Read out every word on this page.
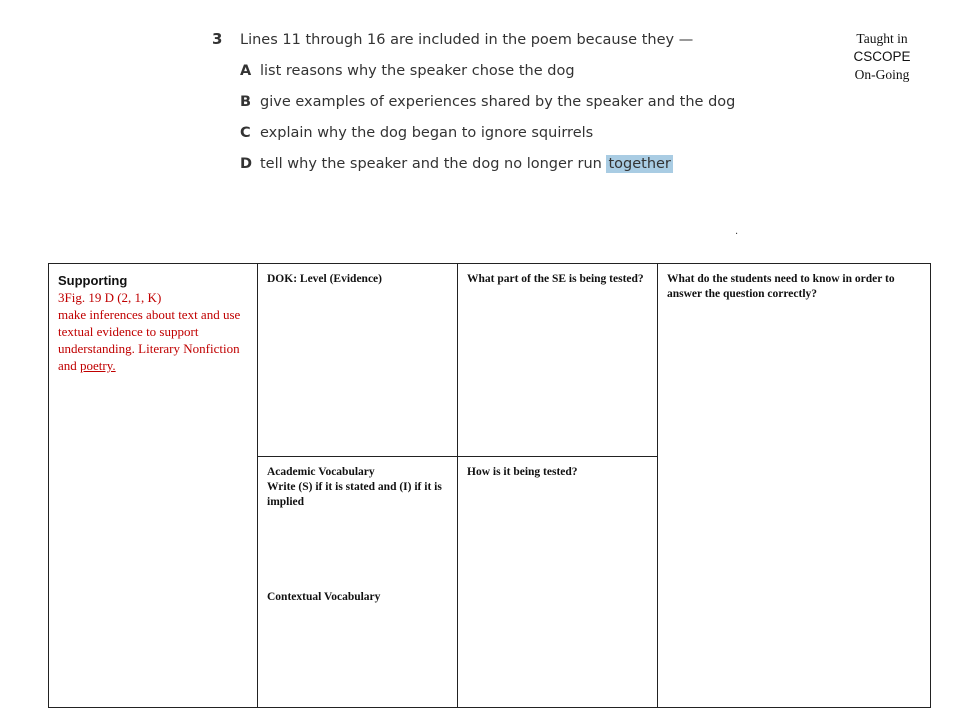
3	Lines 11 through 16 are included in the poem because they —
A list reasons why the speaker chose the dog
B give examples of experiences shared by the speaker and the dog
C explain why the dog began to ignore squirrels
D tell why the speaker and the dog no longer run together
Taught in
CSCOPE
On-Going
.
Supporting
3Fig. 19 D (2, 1, K)
make inferences about text and use textual evidence to support understanding. Literary Nonfiction and poetry.	DOK: Level (Evidence)	What part of the SE is being tested?	What do the students need to know in order to answer the question correctly?

	Academic Vocabulary
Write (S) if it is stated and (I) if it is implied
Contextual Vocabulary	How is it being tested?	
